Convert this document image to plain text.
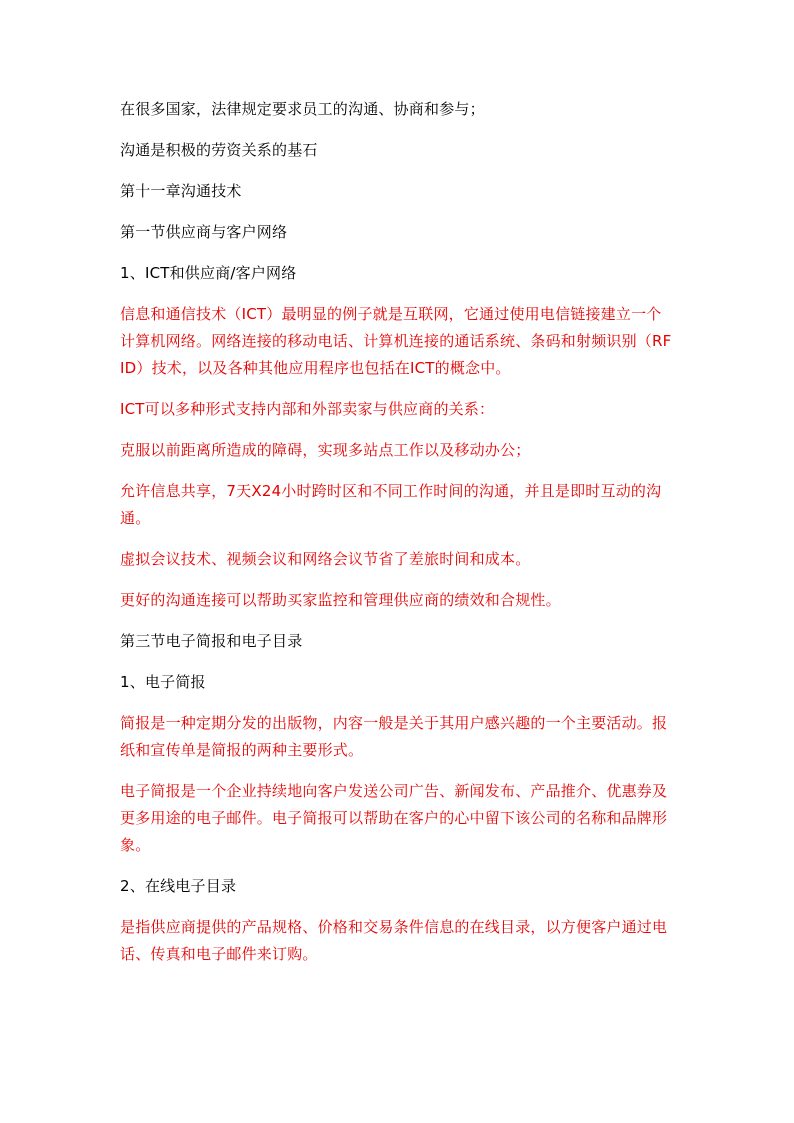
在很多国家，法律规定要求员工的沟通、协商和参与；

沟通是积极的劳资关系的基石

第十一章沟通技术

第一节供应商与客户网络

1、ICT和供应商/客户网络

信息和通信技术（ICT）最明显的例子就是互联网，它通过使用电信链接建立一个计算机网络。网络连接的移动电话、计算机连接的通话系统、条码和射频识别（RFID）技术，以及各种其他应用程序也包括在ICT的概念中。

ICT可以多种形式支持内部和外部卖家与供应商的关系：

克服以前距离所造成的障碍，实现多站点工作以及移动办公；

允许信息共享，7天X24小时跨时区和不同工作时间的沟通，并且是即时互动的沟通。

虚拟会议技术、视频会议和网络会议节省了差旅时间和成本。

更好的沟通连接可以帮助买家监控和管理供应商的绩效和合规性。

第三节电子简报和电子目录

1、电子简报

简报是一种定期分发的出版物，内容一般是关于其用户感兴趣的一个主要活动。报纸和宣传单是简报的两种主要形式。

电子简报是一个企业持续地向客户发送公司广告、新闻发布、产品推介、优惠券及更多用途的电子邮件。电子简报可以帮助在客户的心中留下该公司的名称和品牌形象。

2、在线电子目录

是指供应商提供的产品规格、价格和交易条件信息的在线目录，以方便客户通过电话、传真和电子邮件来订购。
